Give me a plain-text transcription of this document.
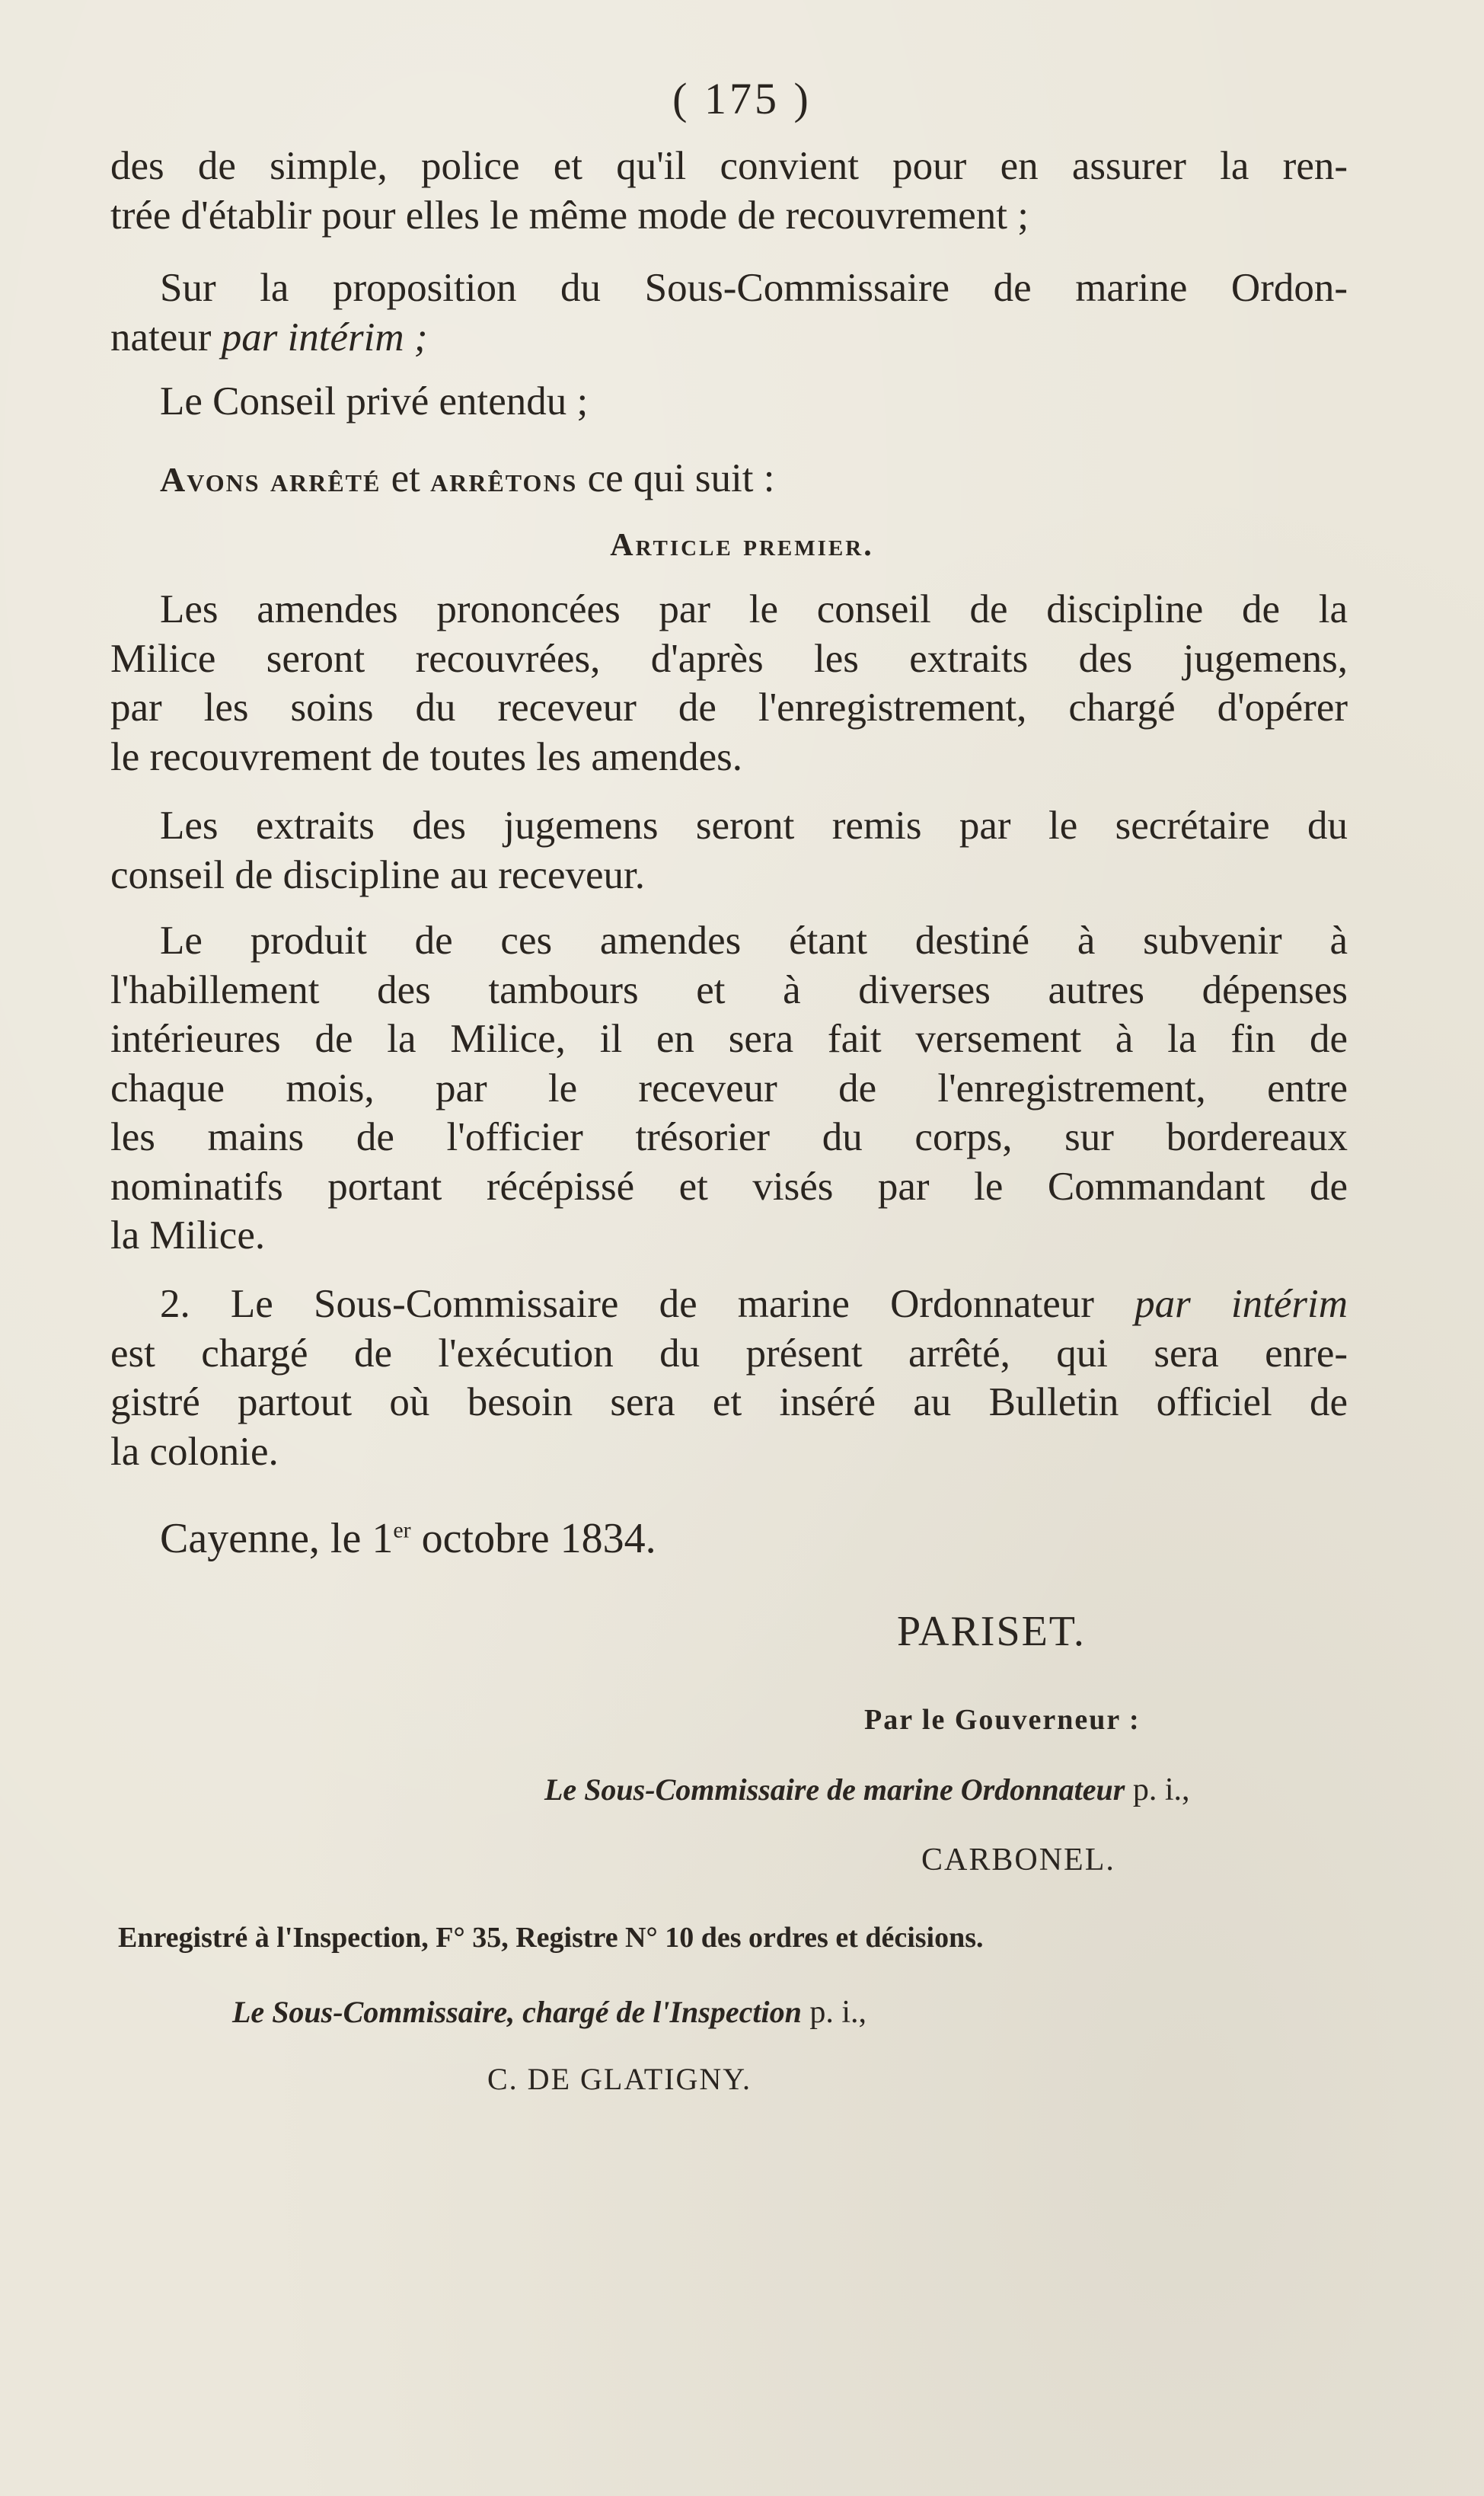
( 175 )
des de simple, police et qu'il convient pour en assurer la ren-
trée d'établir pour elles le même mode de recouvrement ;
Sur la proposition du Sous-Commissaire de marine Ordon-
nateur par intérim ;
Le Conseil privé entendu ;
Avons arrêté et arrêtons ce qui suit :
Article premier.
Les amendes prononcées par le conseil de discipline de la
Milice seront recouvrées, d'après les extraits des jugemens,
par les soins du receveur de l'enregistrement, chargé d'opérer
le recouvrement de toutes les amendes.
Les extraits des jugemens seront remis par le secrétaire du
conseil de discipline au receveur.
Le produit de ces amendes étant destiné à subvenir à
l'habillement des tambours et à diverses autres dépenses
intérieures de la Milice, il en sera fait versement à la fin de
chaque mois, par le receveur de l'enregistrement, entre
les mains de l'officier trésorier du corps, sur bordereaux
nominatifs portant récépissé et visés par le Commandant de
la Milice.
2. Le Sous-Commissaire de marine Ordonnateur par intérim
est chargé de l'exécution du présent arrêté, qui sera enre-
gistré partout où besoin sera et inséré au Bulletin officiel de
la colonie.
Cayenne, le 1er octobre 1834.
PARISET.
Par le Gouverneur :
Le Sous-Commissaire de marine Ordonnateur p. i.,
CARBONEL.
Enregistré à l'Inspection, F° 35, Registre N° 10 des ordres et décisions.
Le Sous-Commissaire, chargé de l'Inspection p. i.,
C. DE GLATIGNY.
